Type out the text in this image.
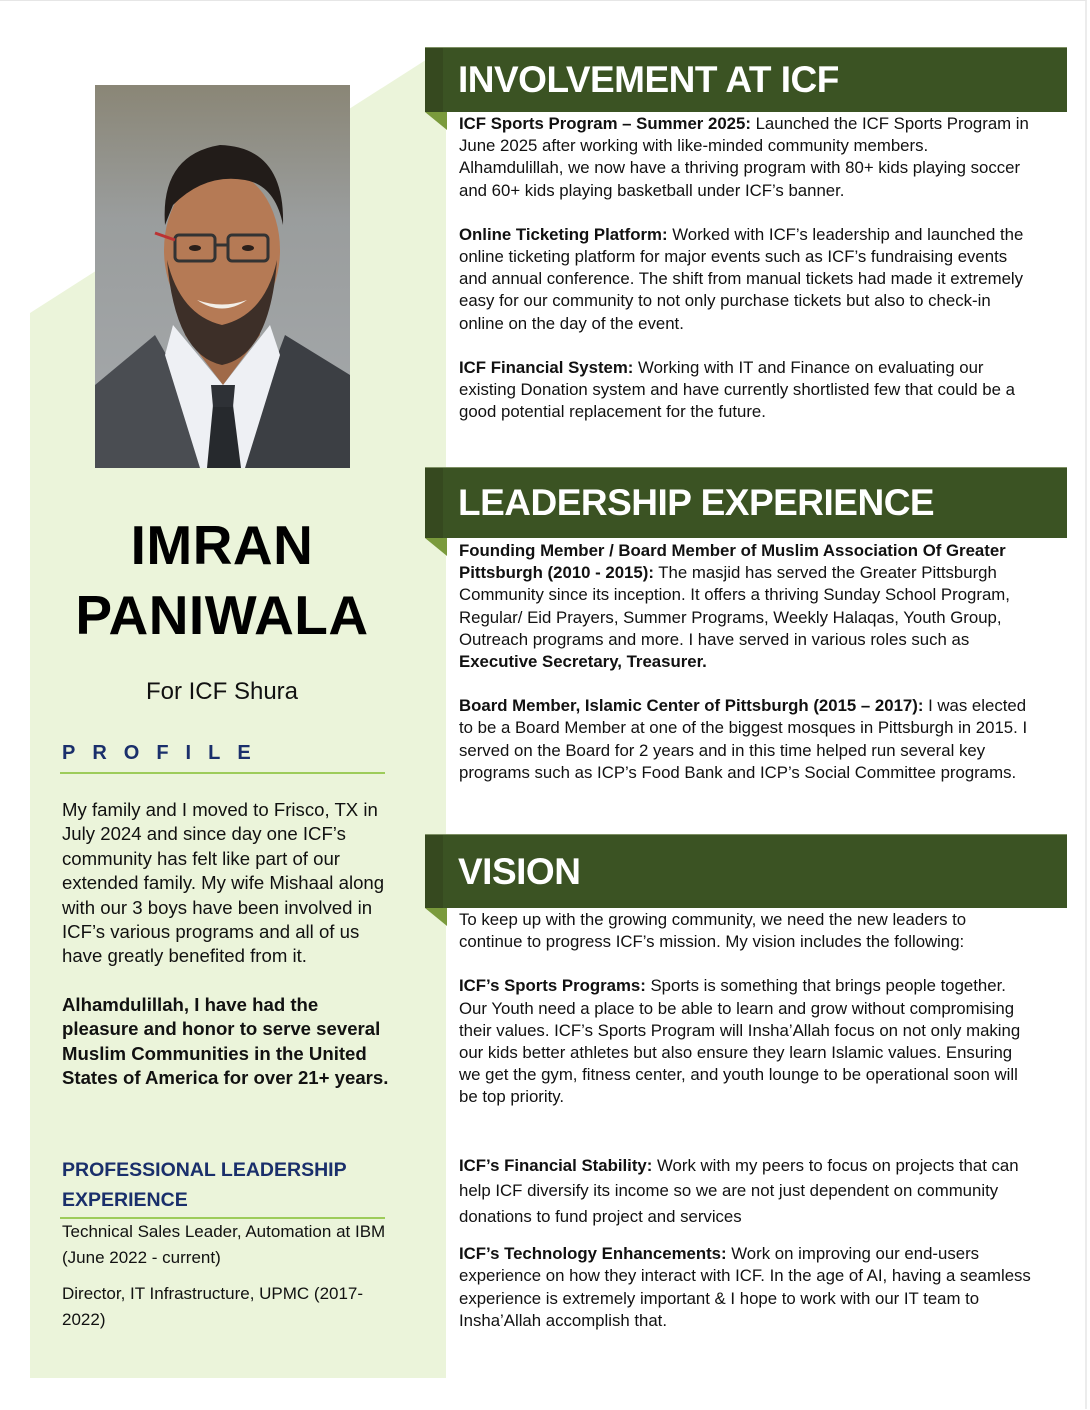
IMRAN
PANIWALA
For ICF Shura
PROFILE

My family and I moved to Frisco, TX in July 2024 and since day one ICF’s community has felt like part of our extended family. My wife Mishaal along with our 3 boys have been involved in ICF’s various programs and all of us have greatly benefited from it.

Alhamdulillah, I have had the pleasure and honor to serve several Muslim Communities in the United States of America for over 21+ years.

PROFESSIONAL LEADERSHIP EXPERIENCE
Technical Sales Leader, Automation at IBM (June 2022 - current)
Director, IT Infrastructure, UPMC (2017-2022)
INVOLVEMENT AT ICF

ICF Sports Program – Summer 2025: Launched the ICF Sports Program in June 2025 after working with like-minded community members. Alhamdulillah, we now have a thriving program with 80+ kids playing soccer and 60+ kids playing basketball under ICF’s banner.

Online Ticketing Platform: Worked with ICF’s leadership and launched the online ticketing platform for major events such as ICF’s fundraising events and annual conference. The shift from manual tickets had made it extremely easy for our community to not only purchase tickets but also to check-in online on the day of the event.

ICF Financial System: Working with IT and Finance on evaluating our existing Donation system and have currently shortlisted few that could be a good potential replacement for the future.

LEADERSHIP EXPERIENCE

Founding Member / Board Member of Muslim Association Of Greater Pittsburgh (2010 - 2015): The masjid has served the Greater Pittsburgh Community since its inception. It offers a thriving Sunday School Program, Regular/ Eid Prayers, Summer Programs, Weekly Halaqas, Youth Group, Outreach programs and more. I have served in various roles such as Executive Secretary, Treasurer.

Board Member, Islamic Center of Pittsburgh (2015 – 2017): I was elected to be a Board Member at one of the biggest mosques in Pittsburgh in 2015. I served on the Board for 2 years and in this time helped run several key programs such as ICP’s Food Bank and ICP’s Social Committee programs.

VISION

To keep up with the growing community, we need the new leaders to continue to progress ICF’s mission. My vision includes the following:

ICF’s Sports Programs: Sports is something that brings people together. Our Youth need a place to be able to learn and grow without compromising their values. ICF’s Sports Program will Insha’Allah focus on not only making our kids better athletes but also ensure they learn Islamic values. Ensuring we get the gym, fitness center, and youth lounge to be operational soon will be top priority.

ICF’s Financial Stability: Work with my peers to focus on projects that can help ICF diversify its income so we are not just dependent on community donations to fund project and services

ICF’s Technology Enhancements: Work on improving our end-users experience on how they interact with ICF. In the age of AI, having a seamless experience is extremely important & I hope to work with our IT team to Insha’Allah accomplish that.
